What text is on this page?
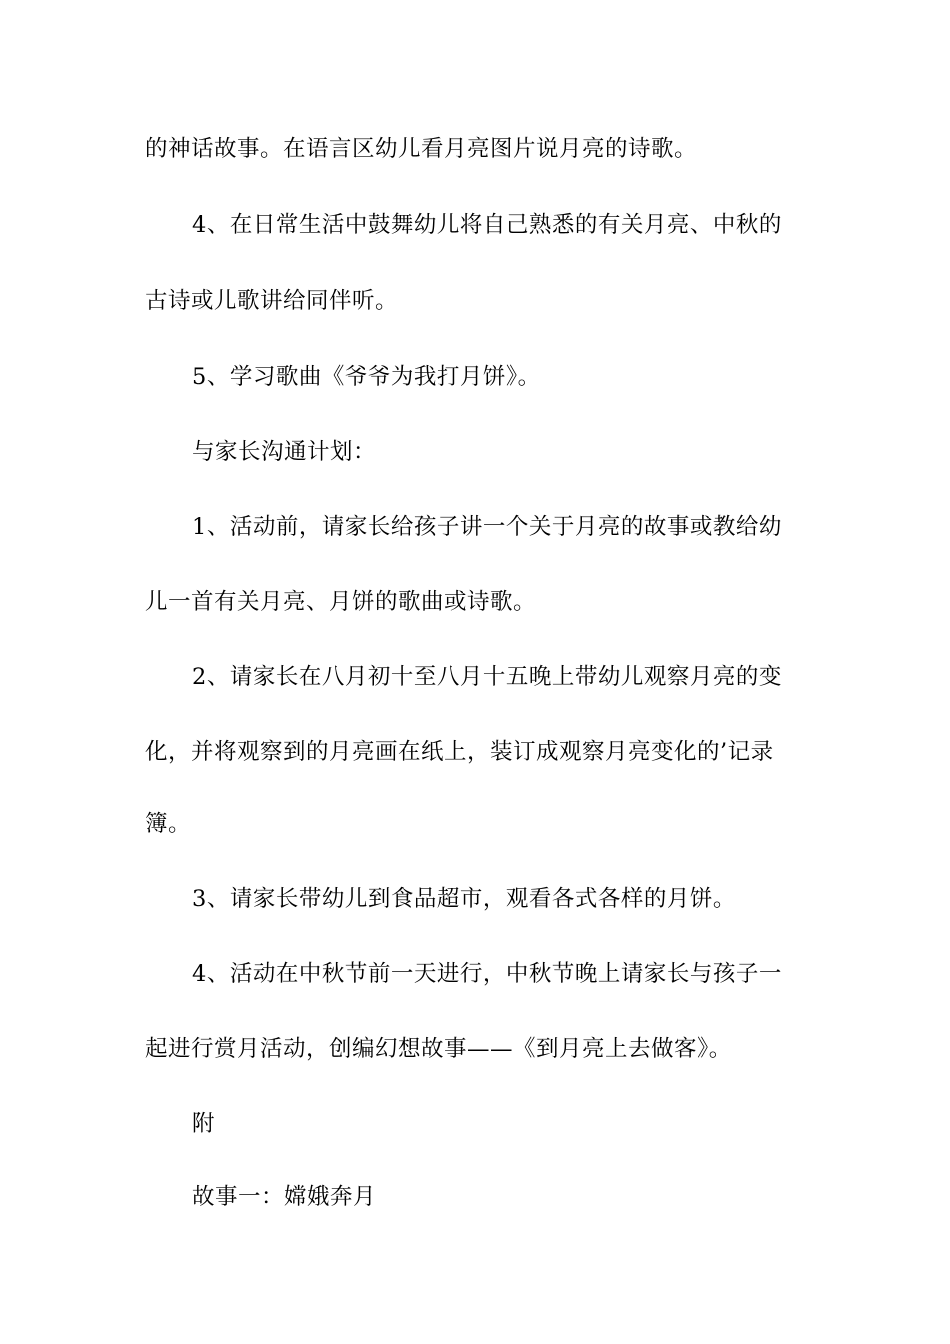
的神话故事。在语言区幼儿看月亮图片说月亮的诗歌。

4、在日常生活中鼓舞幼儿将自己熟悉的有关月亮、中秋的

古诗或儿歌讲给同伴听。

5、学习歌曲《爷爷为我打月饼》。

与家长沟通计划：

1、活动前，请家长给孩子讲一个关于月亮的故事或教给幼

儿一首有关月亮、月饼的歌曲或诗歌。

2、请家长在八月初十至八月十五晚上带幼儿观察月亮的变

化，并将观察到的月亮画在纸上，装订成观察月亮变化的’记录

簿。

3、请家长带幼儿到食品超市，观看各式各样的月饼。

4、活动在中秋节前一天进行，中秋节晚上请家长与孩子一

起进行赏月活动，创编幻想故事——《到月亮上去做客》。

附

故事一：嫦娥奔月
